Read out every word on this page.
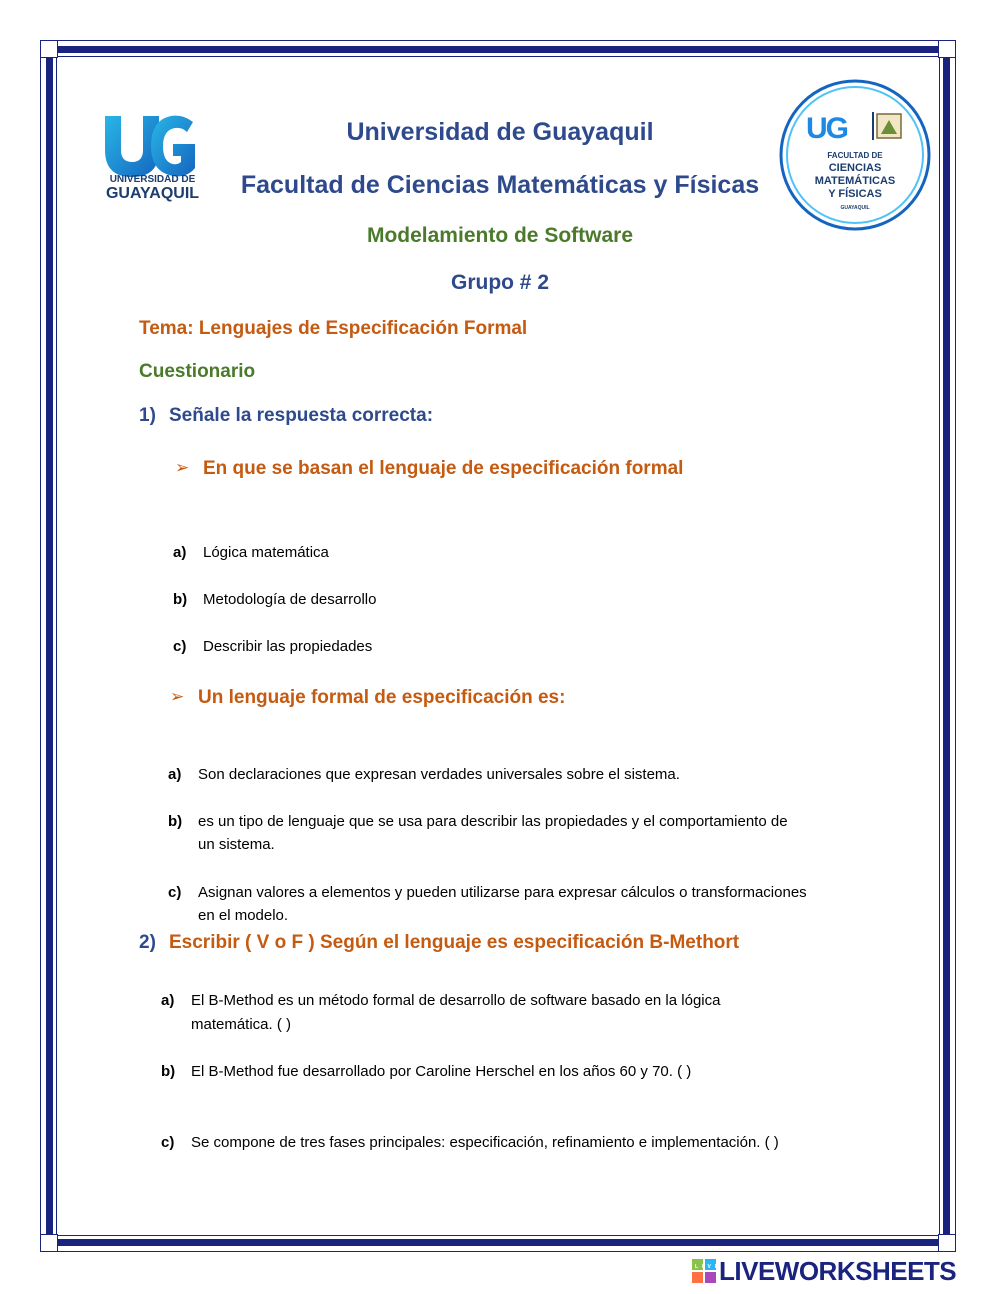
UNIVERSIDAD DE
GUAYAQUIL
UG
FACULTAD DE
CIENCIAS
MATEMÁTICAS
Y FÍSICAS
GUAYAQUIL
Universidad de Guayaquil
Facultad de Ciencias Matemáticas y Físicas
Modelamiento de Software
Grupo # 2
Tema: Lenguajes de Especificación Formal
Cuestionario
1) Señale la respuesta correcta:
➢ En que se basan el lenguaje de especificación formal
a) Lógica matemática
b) Metodología de desarrollo
c) Describir las propiedades
➢ Un lenguaje formal de especificación es:
a) Son declaraciones que expresan verdades universales sobre el sistema.
b) es un tipo de lenguaje que se usa para describir las propiedades y el comportamiento de
un sistema.
c) Asignan valores a elementos y pueden utilizarse para expresar cálculos o transformaciones
en el modelo.
2) Escribir ( V o F ) Según el lenguaje es especificación B-Methort
a) El B-Method es un método formal de desarrollo de software basado en la lógica
matemática. ( )
b) El B-Method fue desarrollado por Caroline Herschel en los años 60 y 70. ( )
c) Se compone de tres fases principales: especificación, refinamiento e implementación. ( )
LIVE
LIVEWORKSHEETS
